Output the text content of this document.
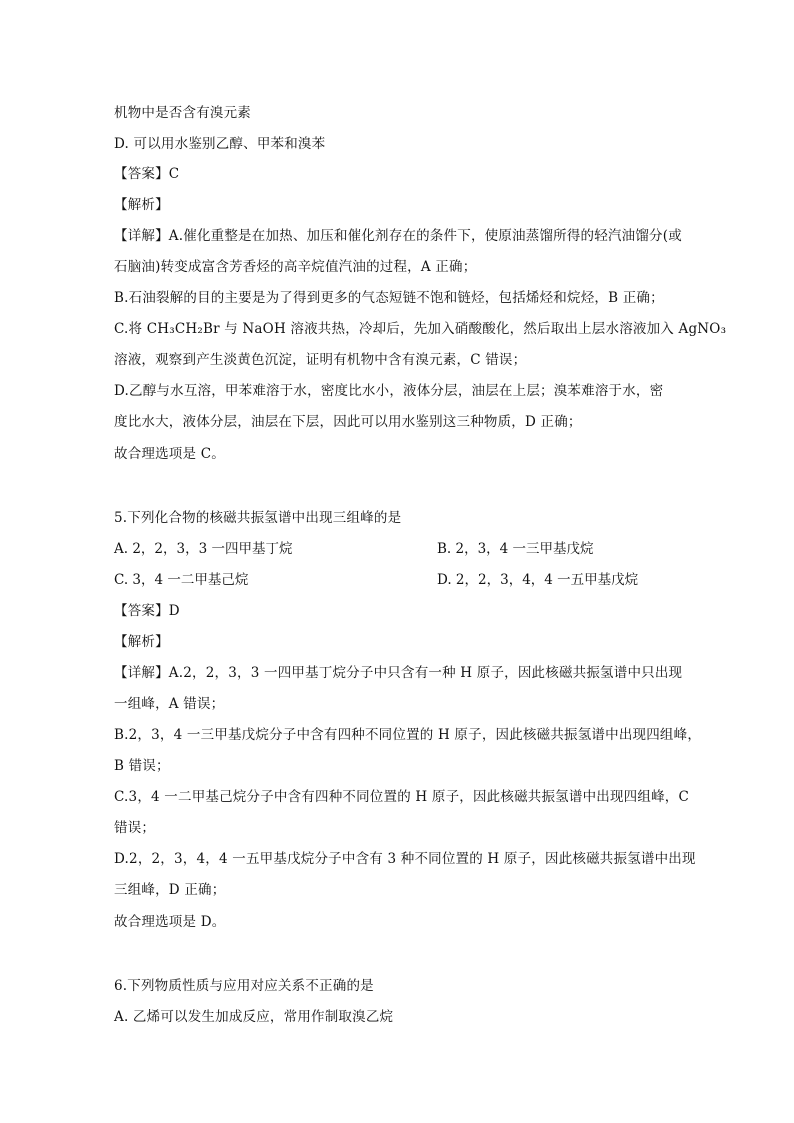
机物中是否含有溴元素
D. 可以用水鉴别乙醇、甲苯和溴苯
【答案】C
【解析】
【详解】A.催化重整是在加热、加压和催化剂存在的条件下，使原油蒸馏所得的轻汽油馏分(或
石脑油)转变成富含芳香烃的高辛烷值汽油的过程，A 正确；
B.石油裂解的目的主要是为了得到更多的气态短链不饱和链烃，包括烯烃和烷烃，B 正确；
C.将 CH₃CH₂Br 与 NaOH 溶液共热，冷却后，先加入硝酸酸化，然后取出上层水溶液加入 AgNO₃
溶液，观察到产生淡黄色沉淀，证明有机物中含有溴元素，C 错误；
D.乙醇与水互溶，甲苯难溶于水，密度比水小，液体分层，油层在上层；溴苯难溶于水，密
度比水大，液体分层，油层在下层，因此可以用水鉴别这三种物质，D 正确；
故合理选项是 C。
5.下列化合物的核磁共振氢谱中出现三组峰的是
A. 2，2，3，3 一四甲基丁烷	B. 2，3，4 一三甲基戊烷
C. 3，4 一二甲基己烷	D. 2，2，3，4，4 一五甲基戊烷
【答案】D
【解析】
【详解】A.2，2，3，3 一四甲基丁烷分子中只含有一种 H 原子，因此核磁共振氢谱中只出现
一组峰，A 错误；
B.2，3，4 一三甲基戊烷分子中含有四种不同位置的 H 原子，因此核磁共振氢谱中出现四组峰，
B 错误；
C.3，4 一二甲基己烷分子中含有四种不同位置的 H 原子，因此核磁共振氢谱中出现四组峰，C
错误；
D.2，2，3，4，4 一五甲基戊烷分子中含有 3 种不同位置的 H 原子，因此核磁共振氢谱中出现
三组峰，D 正确；
故合理选项是 D。
6.下列物质性质与应用对应关系不正确的是
A. 乙烯可以发生加成反应，常用作制取溴乙烷
